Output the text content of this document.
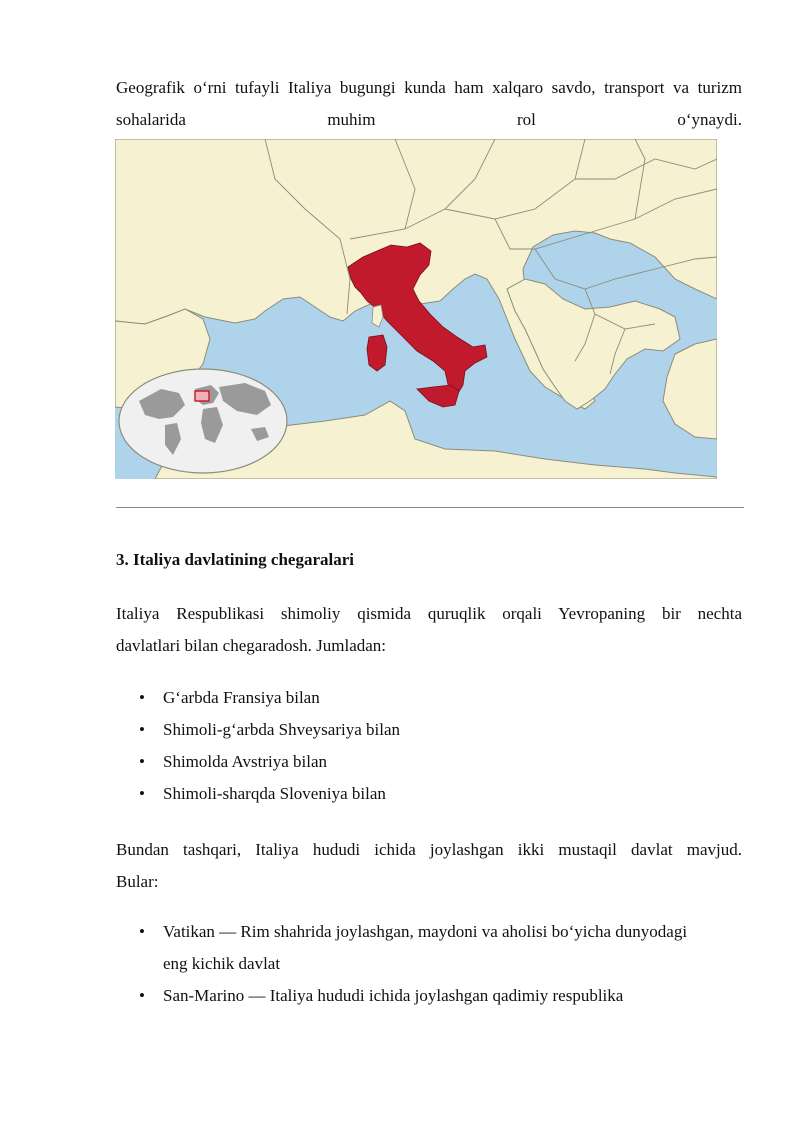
Geografik o‘rni tufayli Italiya bugungi kunda ham xalqaro savdo, transport va turizm

sohalarida muhim rol o‘ynaydi.

3. Italiya davlatining chegaralari

Italiya Respublikasi shimoliy qismida quruqlik orqali Yevropaning bir nechta

davlatlari bilan chegaradosh. Jumladan:

• G‘arbda Fransiya bilan
• Shimoli-g‘arbda Shveysariya bilan
• Shimolda Avstriya bilan
• Shimoli-sharqda Sloveniya bilan

Bundan tashqari, Italiya hududi ichida joylashgan ikki mustaqil davlat mavjud.

Bular:

• Vatikan — Rim shahrida joylashgan, maydoni va aholisi bo‘yicha dunyodagi
eng kichik davlat
• San-Marino — Italiya hududi ichida joylashgan qadimiy respublika
